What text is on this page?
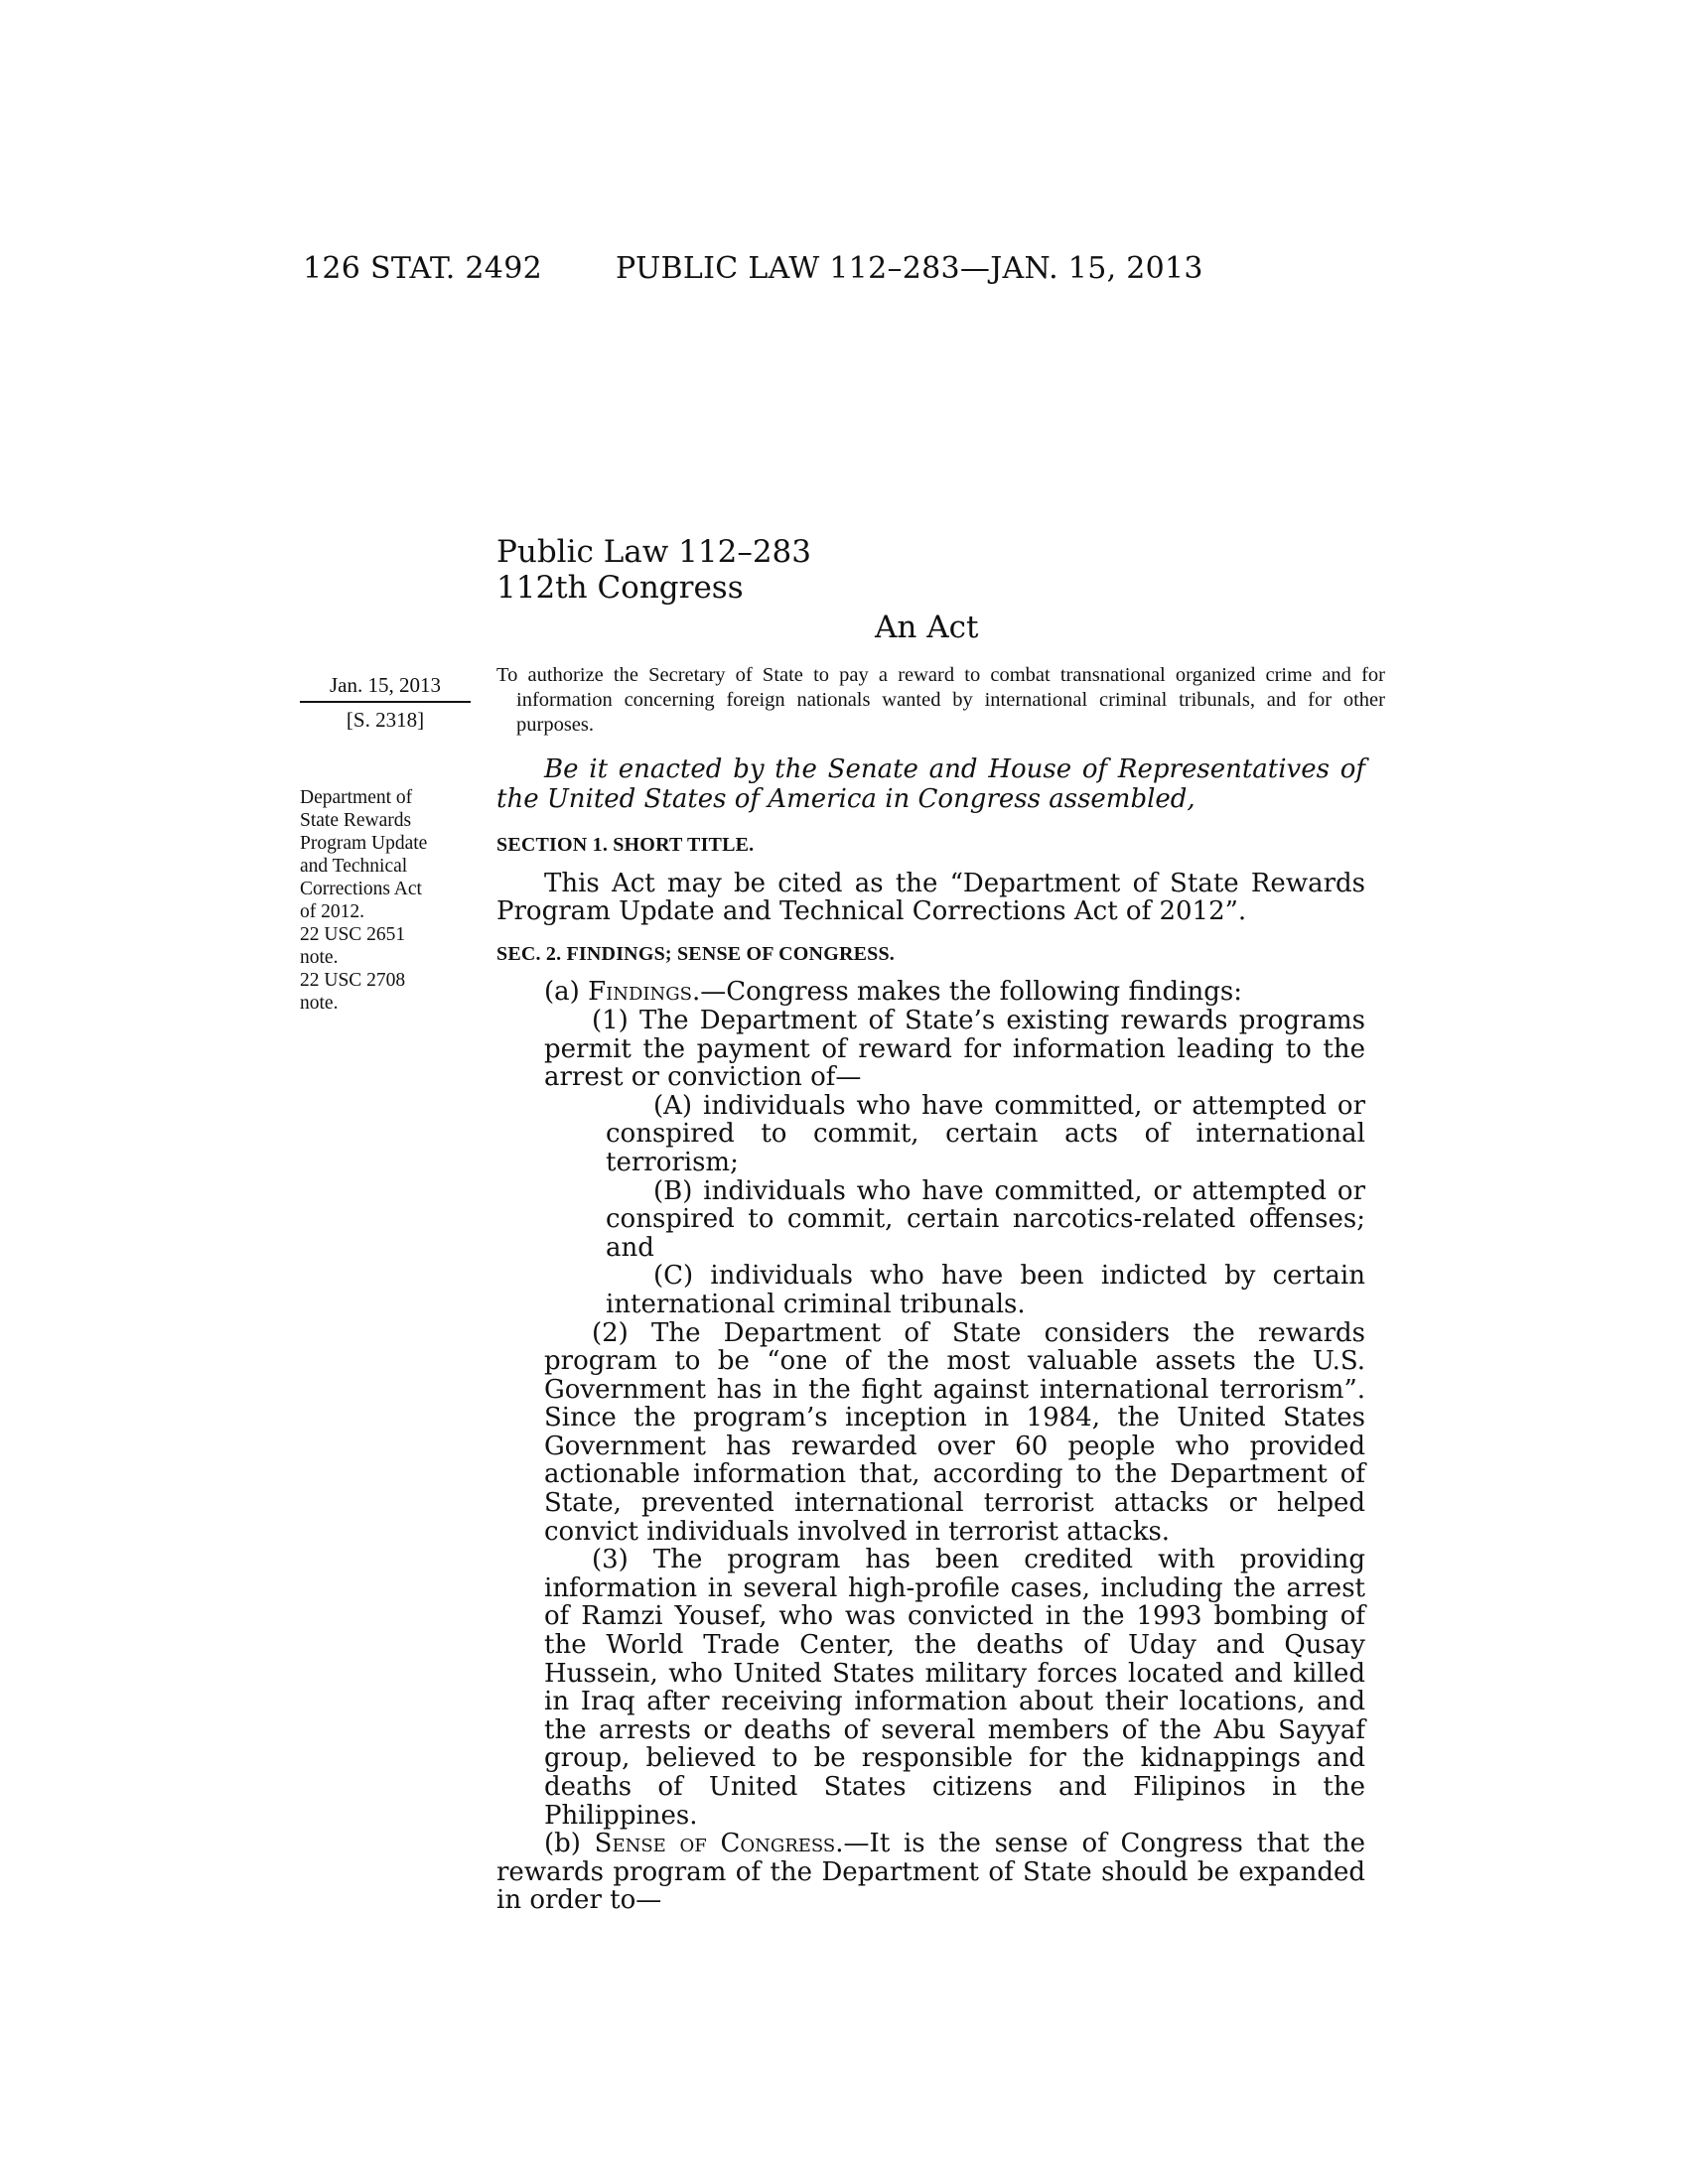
126 STAT. 2492 PUBLIC LAW 112–283—JAN. 15, 2013
Public Law 112–283
112th Congress
An Act
Jan. 15, 2013
[S. 2318]
To authorize the Secretary of State to pay a reward to combat transnational organized crime and for information concerning foreign nationals wanted by international criminal tribunals, and for other purposes.
Be it enacted by the Senate and House of Representatives of the United States of America in Congress assembled,
Department of
State Rewards
Program Update
and Technical
Corrections Act
of 2012.
22 USC 2651
note.
22 USC 2708
note.
SECTION 1. SHORT TITLE.

This Act may be cited as the “Department of State Rewards Program Update and Technical Corrections Act of 2012”.

SEC. 2. FINDINGS; SENSE OF CONGRESS.

(a) Findings.—Congress makes the following findings:

(1) The Department of State’s existing rewards programs permit the payment of reward for information leading to the arrest or conviction of—

(A) individuals who have committed, or attempted or conspired to commit, certain acts of international terrorism;

(B) individuals who have committed, or attempted or conspired to commit, certain narcotics-related offenses; and

(C) individuals who have been indicted by certain international criminal tribunals.

(2) The Department of State considers the rewards program to be “one of the most valuable assets the U.S. Government has in the fight against international terrorism”. Since the program’s inception in 1984, the United States Government has rewarded over 60 people who provided actionable information that, according to the Department of State, prevented international terrorist attacks or helped convict individuals involved in terrorist attacks.

(3) The program has been credited with providing information in several high-profile cases, including the arrest of Ramzi Yousef, who was convicted in the 1993 bombing of the World Trade Center, the deaths of Uday and Qusay Hussein, who United States military forces located and killed in Iraq after receiving information about their locations, and the arrests or deaths of several members of the Abu Sayyaf group, believed to be responsible for the kidnappings and deaths of United States citizens and Filipinos in the Philippines.

(b) Sense of Congress.—It is the sense of Congress that the rewards program of the Department of State should be expanded in order to—
